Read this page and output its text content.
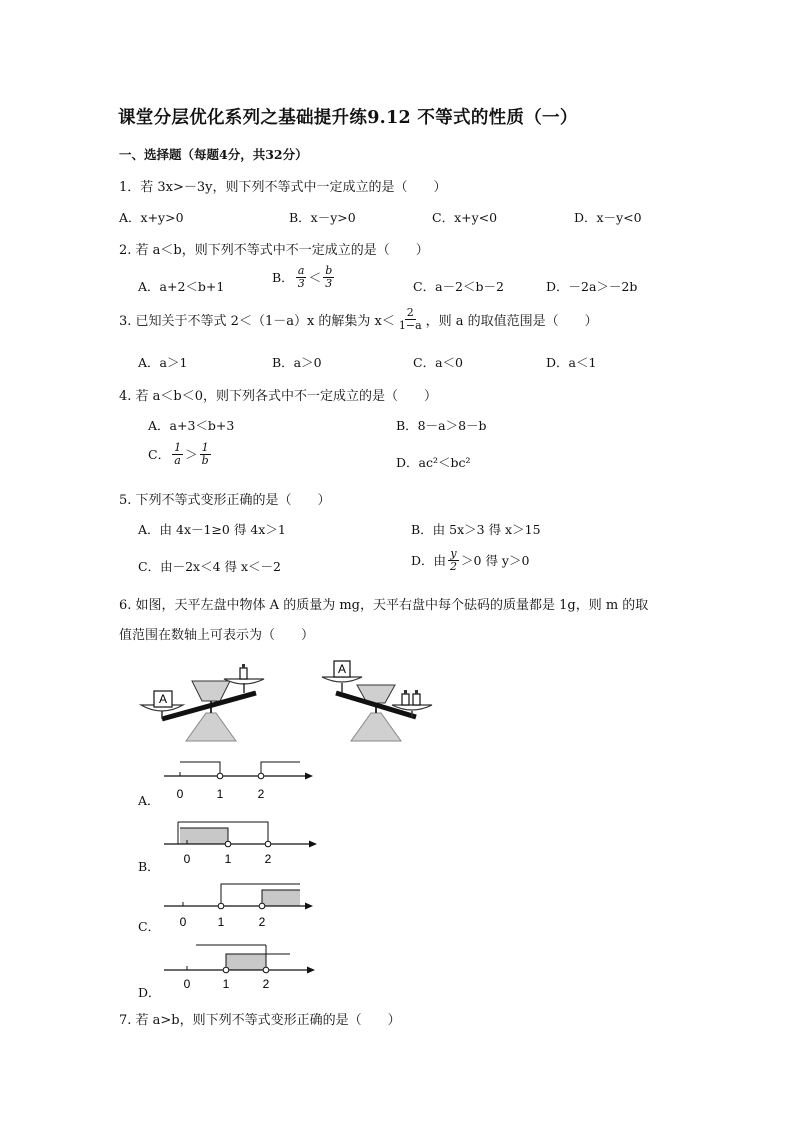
课堂分层优化系列之基础提升练9.12 不等式的性质（一）
一、选择题（每题4分，共32分）
1．若 3x>－3y，则下列不等式中一定成立的是（　　）
A．x+y>0	B．x－y>0	C．x+y<0	D．x－y<0
2. 若 a＜b，则下列不等式中不一定成立的是（　　）
A．a+2＜b+1
B． $\frac{a}{3} < \frac{b}{3}$	C．a－2＜b－2	D．－2a＞－2b
3. 已知关于不等式 2＜（1－a）x 的解集为 $x< \frac{2}{1-a}$ ，则 a 的取值范围是（　　）
A．a＞1	B．a＞0	C．a＜0	D．a＜1
4. 若 a＜b＜0，则下列各式中不一定成立的是（　　）
A．a+3＜b+3	B．8－a＞8－b
C． $\frac{1}{a} > \frac{1}{b}$	D．ac²＜bc²
5. 下列不等式变形正确的是（　　）
A．由 4x－1≥0 得 4x＞1	B．由 5x＞3 得 x＞15
C．由－2x＜4 得 x＜－2	D．由 $\frac{y}{2} >0$ 得 y＞0
6. 如图，天平左盘中物体 A 的质量为 mg，天平右盘中每个砝码的质量都是 1g，则 m 的取
值范围在数轴上可表示为（　　）
A
A
A． 0	1	2
B． 0	1	2
C． 0	1	2
D．
0	1	2
7. 若 a>b，则下列不等式变形正确的是（　　）
